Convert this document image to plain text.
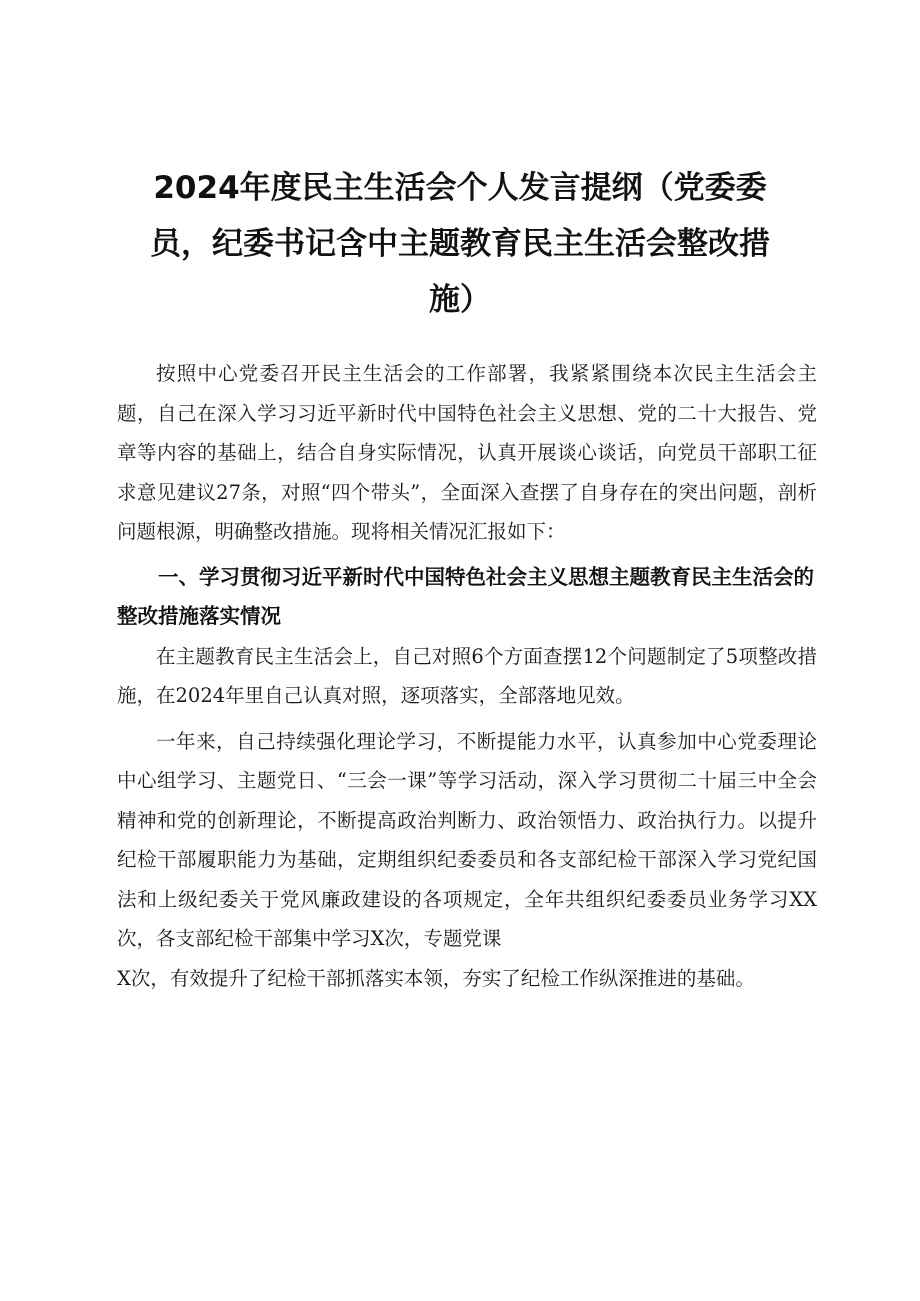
2024年度民主生活会个人发言提纲（党委委员，纪委书记含中主题教育民主生活会整改措施）

按照中心党委召开民主生活会的工作部署，我紧紧围绕本次民主生活会主题，自己在深入学习习近平新时代中国特色社会主义思想、党的二十大报告、党章等内容的基础上，结合自身实际情况，认真开展谈心谈话，向党员干部职工征求意见建议27条，对照“四个带头”，全面深入查摆了自身存在的突出问题，剖析问题根源，明确整改措施。现将相关情况汇报如下：

一、学习贯彻习近平新时代中国特色社会主义思想主题教育民主生活会的整改措施落实情况

在主题教育民主生活会上，自己对照6个方面查摆12个问题制定了5项整改措施，在2024年里自己认真对照，逐项落实，全部落地见效。

一年来，自己持续强化理论学习，不断提能力水平，认真参加中心党委理论中心组学习、主题党日、“三会一课”等学习活动，深入学习贯彻二十届三中全会精神和党的创新理论，不断提高政治判断力、政治领悟力、政治执行力。以提升纪检干部履职能力为基础，定期组织纪委委员和各支部纪检干部深入学习党纪国法和上级纪委关于党风廉政建设的各项规定，全年共组织纪委委员业务学习XX次，各支部纪检干部集中学习X次，专题党课

X次，有效提升了纪检干部抓落实本领，夯实了纪检工作纵深推进的基础。
